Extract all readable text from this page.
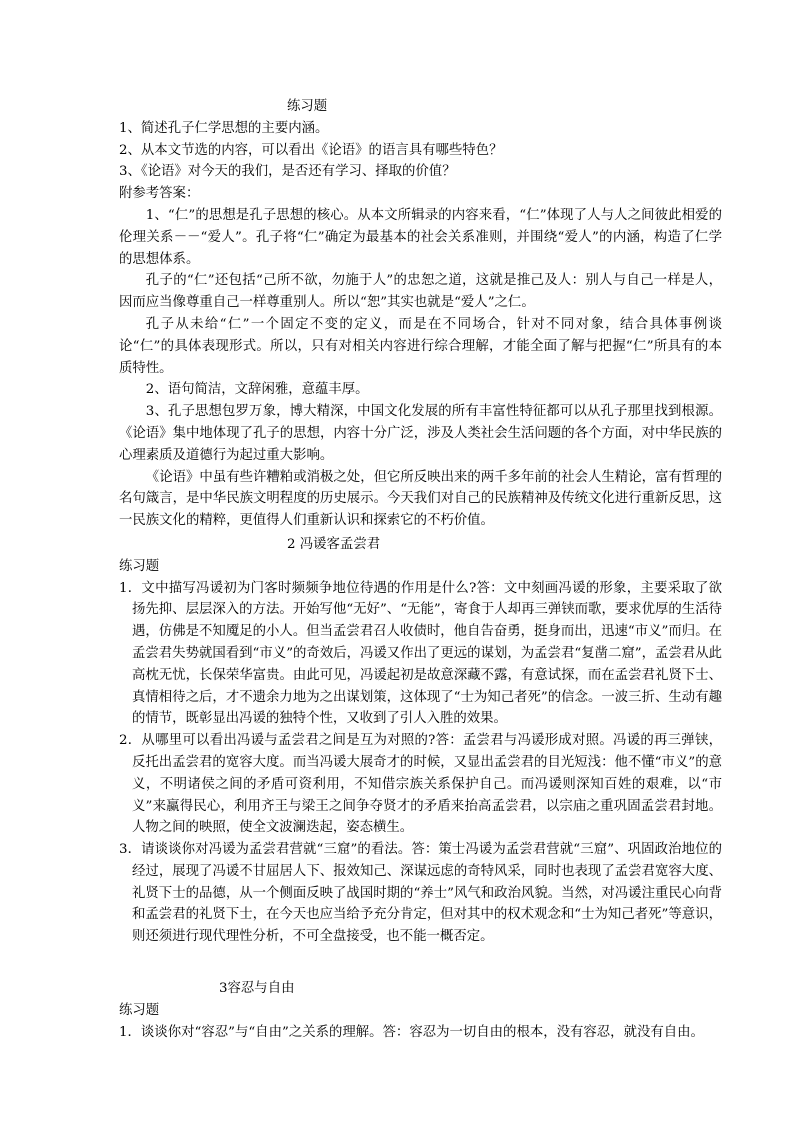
练习题

1、简述孔子仁学思想的主要内涵。

2、从本文节选的内容，可以看出《论语》的语言具有哪些特色？

3、《论语》对今天的我们，是否还有学习、择取的价值？

附参考答案：

1、“仁”的思想是孔子思想的核心。从本文所辑录的内容来看，“仁”体现了人与人之间彼此相爱的伦理关系－－“爱人”。孔子将“仁”确定为最基本的社会关系准则，并围绕“爱人”的内涵，构造了仁学的思想体系。

孔子的“仁”还包括“己所不欲，勿施于人”的忠恕之道，这就是推己及人：别人与自己一样是人，因而应当像尊重自己一样尊重别人。所以“恕”其实也就是“爱人”之仁。

孔子从未给“仁”一个固定不变的定义，而是在不同场合，针对不同对象，结合具体事例谈论“仁”的具体表现形式。所以，只有对相关内容进行综合理解，才能全面了解与把握“仁”所具有的本质特性。

2、语句简洁，文辞闲雅，意蕴丰厚。

3、孔子思想包罗万象，博大精深，中国文化发展的所有丰富性特征都可以从孔子那里找到根源。《论语》集中地体现了孔子的思想，内容十分广泛，涉及人类社会生活问题的各个方面，对中华民族的心理素质及道德行为起过重大影响。

《论语》中虽有些许糟粕或消极之处，但它所反映出来的两千多年前的社会人生精论，富有哲理的名句箴言，是中华民族文明程度的历史展示。今天我们对自己的民族精神及传统文化进行重新反思，这一民族文化的精粹，更值得人们重新认识和探索它的不朽价值。

2 冯谖客孟尝君

练习题

1．文中描写冯谖初为门客时频频争地位待遇的作用是什么?答：文中刻画冯谖的形象，主要采取了欲扬先抑、层层深入的方法。开始写他“无好”、“无能”，寄食于人却再三弹铗而歌，要求优厚的生活待遇，仿佛是不知魇足的小人。但当孟尝君召人收债时，他自告奋勇，挺身而出，迅速“市义”而归。在孟尝君失势就国看到“市义”的奇效后，冯谖又作出了更远的谋划，为孟尝君“复凿二窟”，孟尝君从此高枕无忧，长保荣华富贵。由此可见，冯谖起初是故意深藏不露，有意试探，而在孟尝君礼贤下士、真情相待之后，才不遗余力地为之出谋划策，这体现了“士为知己者死”的信念。一波三折、生动有趣的情节，既彰显出冯谖的独特个性，又收到了引人入胜的效果。

2．从哪里可以看出冯谖与孟尝君之间是互为对照的?答：孟尝君与冯谖形成对照。冯谖的再三弹铗，反托出孟尝君的宽容大度。而当冯谖大展奇才的时候，又显出孟尝君的目光短浅：他不懂“市义”的意义，不明诸侯之间的矛盾可资利用，不知借宗族关系保护自己。而冯谖则深知百姓的艰难，以“市义”来赢得民心，利用齐王与梁王之间争夺贤才的矛盾来抬高孟尝君，以宗庙之重巩固孟尝君封地。人物之间的映照，使全文波澜迭起，姿态横生。

3．请谈谈你对冯谖为孟尝君营就“三窟”的看法。答：策士冯谖为孟尝君营就“三窟”、巩固政治地位的经过，展现了冯谖不甘屈居人下、报效知己、深谋远虑的奇特风采，同时也表现了孟尝君宽容大度、礼贤下士的品德，从一个侧面反映了战国时期的“养士”风气和政治风貌。当然，对冯谖注重民心向背和孟尝君的礼贤下士，在今天也应当给予充分肯定，但对其中的权术观念和“士为知己者死”等意识，则还须进行现代理性分析，不可全盘接受，也不能一概否定。

3容忍与自由

练习题

1．谈谈你对“容忍”与“自由”之关系的理解。答：容忍为一切自由的根本，没有容忍，就没有自由。
